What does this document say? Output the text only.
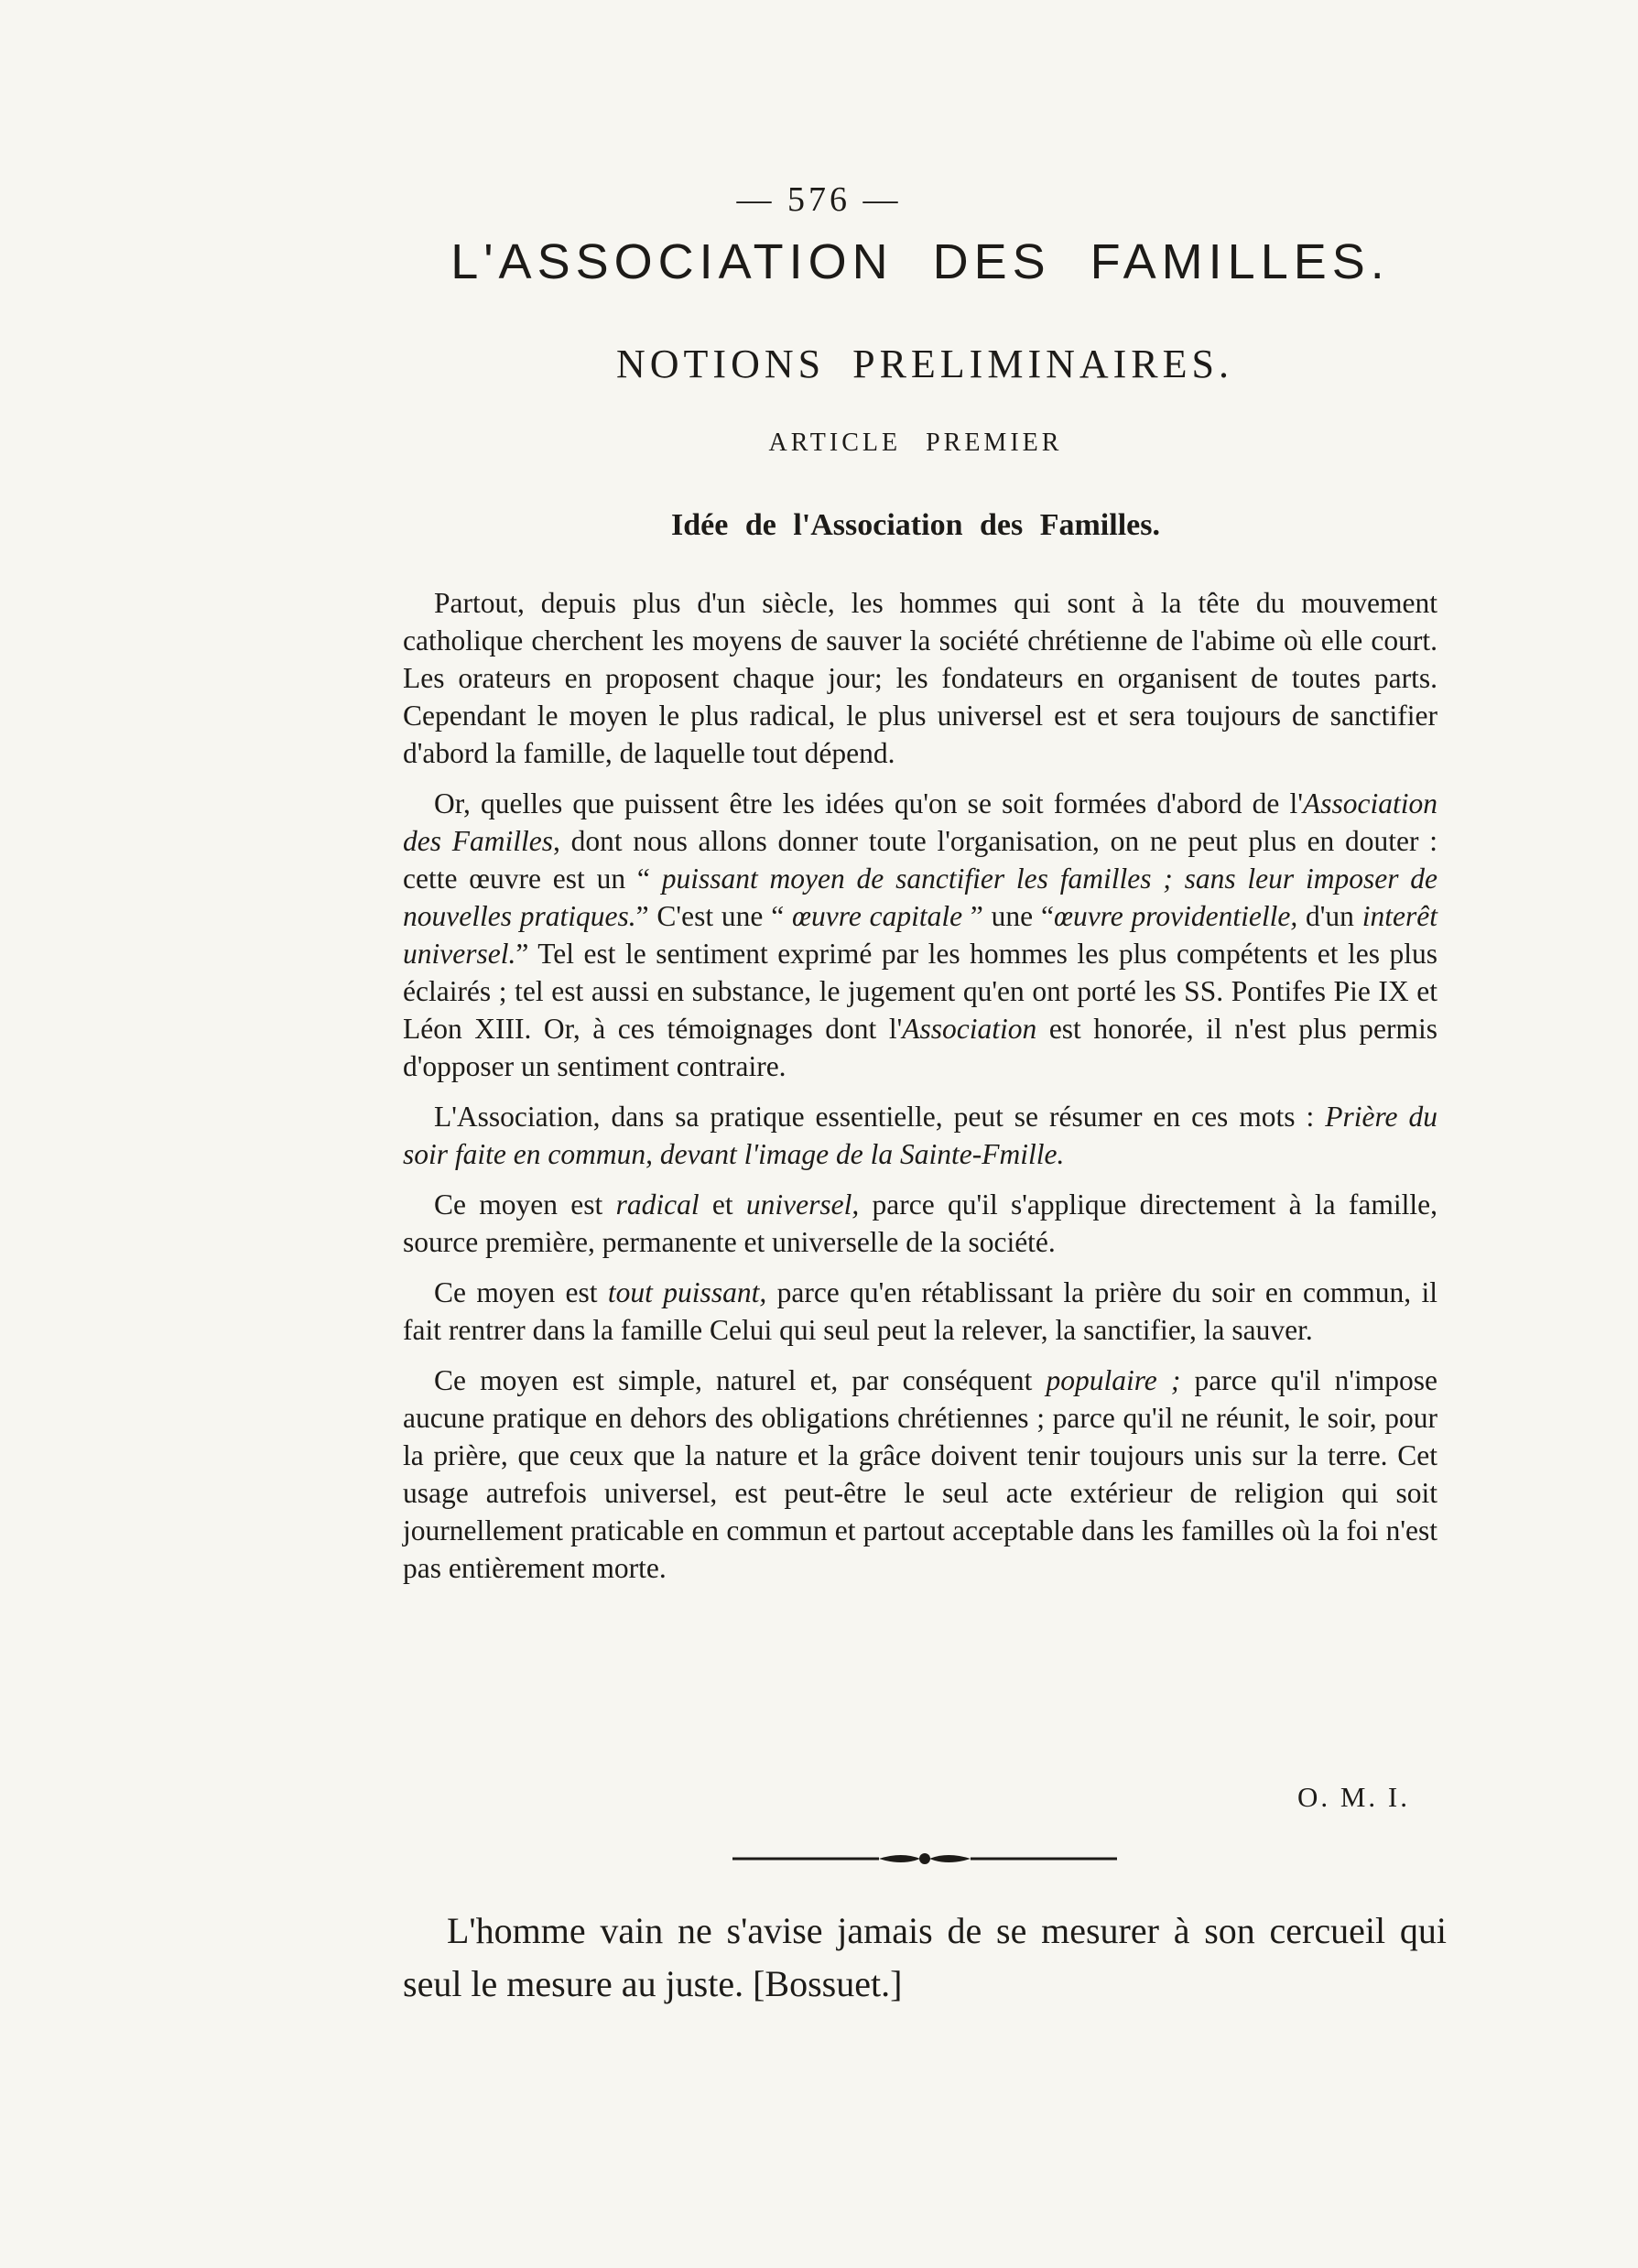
— 576 —
L'ASSOCIATION DES FAMILLES.
NOTIONS PRELIMINAIRES.
ARTICLE PREMIER
Idée de l'Association des Familles.

Partout, depuis plus d'un siècle, les hommes qui sont à la tête du mouvement catholique cherchent les moyens de sauver la société chrétienne de l'abime où elle court. Les orateurs en proposent chaque jour; les fondateurs en organisent de toutes parts. Cependant le moyen le plus radical, le plus universel est et sera toujours de sanctifier d'abord la famille, de laquelle tout dépend.

Or, quelles que puissent être les idées qu'on se soit formées d'abord de l'Association des Familles, dont nous allons donner toute l'organisation, on ne peut plus en douter : cette œuvre est un “ puissant moyen de sanctifier les familles ; sans leur imposer de nouvelles pratiques.” C'est une “ œuvre capitale ” une “œuvre providentielle, d'un interêt universel.” Tel est le sentiment exprimé par les hommes les plus compétents et les plus éclairés ; tel est aussi en substance, le jugement qu'en ont porté les SS. Pontifes Pie IX et Léon XIII. Or, à ces témoignages dont l'Association est honorée, il n'est plus permis d'opposer un sentiment contraire.

L'Association, dans sa pratique essentielle, peut se résumer en ces mots : Prière du soir faite en commun, devant l'image de la Sainte-Fmille.

Ce moyen est radical et universel, parce qu'il s'applique directement à la famille, source première, permanente et universelle de la société.

Ce moyen est tout puissant, parce qu'en rétablissant la prière du soir en commun, il fait rentrer dans la famille Celui qui seul peut la relever, la sanctifier, la sauver.

Ce moyen est simple, naturel et, par conséquent populaire ; parce qu'il n'impose aucune pratique en dehors des obligations chrétiennes ; parce qu'il ne réunit, le soir, pour la prière, que ceux que la nature et la grâce doivent tenir toujours unis sur la terre. Cet usage autrefois universel, est peut-être le seul acte extérieur de religion qui soit journellement praticable en commun et partout acceptable dans les familles où la foi n'est pas entièrement morte.

O. M. I.

L'homme vain ne s'avise jamais de se mesurer à son cercueil qui seul le mesure au juste. [Bossuet.]
